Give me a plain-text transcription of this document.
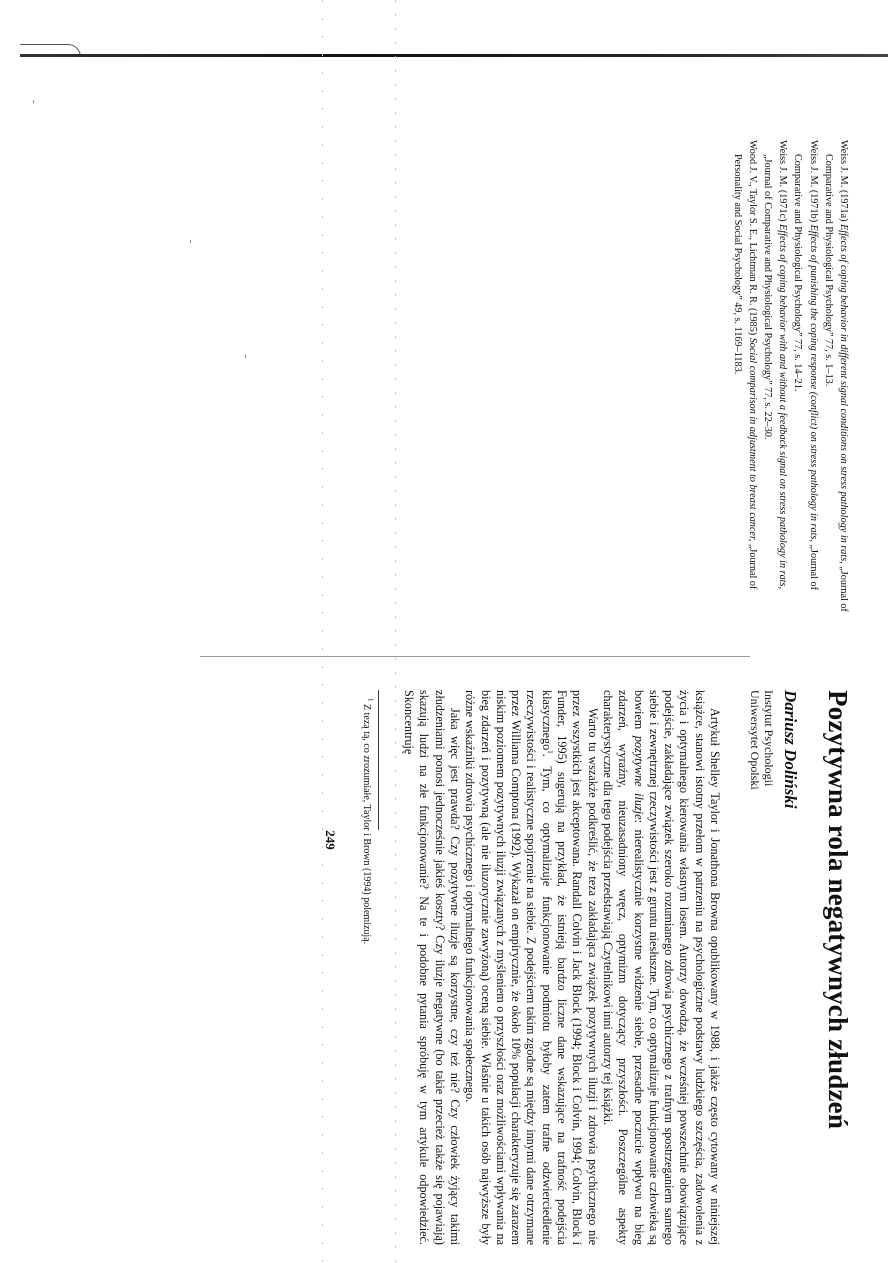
Weiss J. M. (1971a) Effects of coping behavior in different signal conditions on stress pathology in rats, „Journal of Comparative and Physiological Psychology” 77, s. 1–13.

Weiss J. M. (1971b) Effects of punishing the coping response (conflict) on stress pathology in rats, „Journal of Comparative and Physiological Psychology” 77, s. 14–21.

Weiss J. M. (1971c) Effects of coping behavior with and without a feedback signal on stress pathology in rats, „Journal of Comparative and Physiological Psychology” 77, s. 22–30.

Wood J. V., Taylor S. E., Lichtman R. R. (1985) Social comparison in adjustment to breast cancer, „Journal of Personality and Social Psychology” 49, s. 1169–1183.

Pozytywna rola negatywnych złudzeń

Dariusz Doliński

Instytut Psychologii

Uniwersytet Opolski

Artykuł Shelley Taylor i Jonathona Browna opublikowany w 1988, i jakże często cytowany w niniejszej książce, stanowi istotny przełom w patrzeniu na psychologiczne podstawy ludzkiego szczęścia, zadowolenia z życia i optymalnego kierowania własnym losem. Autorzy dowodzą, że wcześniej powszechnie obowiązujące podejście, zakładające związek szeroko rozumianego zdrowia psychicznego z trafnym spostrzeganiem samego siebie i zewnętrznej rzeczywistości jest z gruntu niesłuszne. Tym, co optymalizuje funkcjonowanie człowieka są bowiem pozytywne iluzje: nierealistycznie korzystne widzenie siebie, przesadne poczucie wpływu na bieg zdarzeń, wyraźny, nieuzasadniony wręcz, optymizm dotyczący przyszłości. Poszczególne aspekty charakterystyczne dla tego podejścia przedstawiają Czytelnikowi inni autorzy tej książki.

Warto tu wszakże podkreślić, że teza zakładająca związek pozytywnych iluzji i zdrowia psychicznego nie przez wszystkich jest akceptowana. Randall Colvin i Jack Block (1994; Block i Colvin, 1994; Colvin, Block i Funder, 1995) sugerują na przykład, że istnieją bardzo liczne dane wskazujące na trafność podejścia klasycznego$^1$. Tym, co optymalizuje funkcjonowanie podmiotu byłoby zatem trafne odzwierciedlenie rzeczywistości i realistyczne spojrzenie na siebie. Z podejściem takim zgodne są między innymi dane otrzymane przez Williama Comptona (1992). Wykazał on empirycznie, że około 10% populacji charakteryzuje się zarazem niskim poziomem pozytywnych iluzji związanych z myśleniem o przyszłości oraz możliwościami wpływania na bieg zdarzeń i pozytywną (ale nie iluzorycznie zawyżoną) oceną siebie. Właśnie u takich osób najwyższe były różne wskaźniki zdrowia psychicznego i optymalnego funkcjonowania społecznego.

Jaka więc jest prawda? Czy pozytywne iluzje są korzystne, czy też nie? Czy człowiek żyjący takimi złudzeniami ponosi jednocześnie jakieś koszty? Czy iluzje negatywne (bo takie przecież także się pojawiają) skazują ludzi na złe funkcjonowanie? Na te i podobne pytania spróbuję w tym artykule odpowiedzieć. Skoncentruję

$^1$ Z tezą tą, co zrozumiałe, Taylor i Brown (1994) polemizują.

249
